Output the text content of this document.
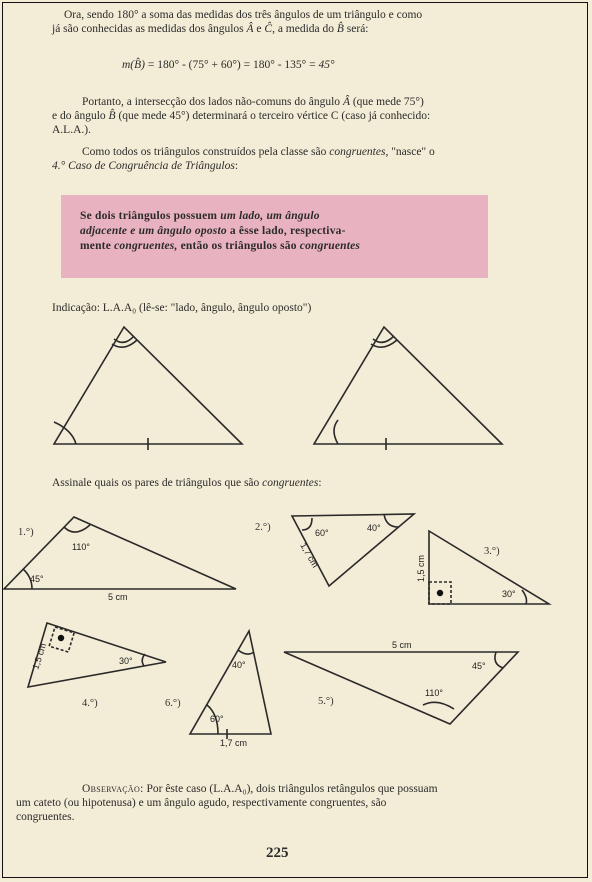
Ora, sendo 180° a soma das medidas dos três ângulos de um triângulo e como
já são conhecidas as medidas dos ângulos Â e Ĉ, a medida do B̂ será:
m(B̂) = 180° - (75° + 60°) = 180° - 135° = 45°
Portanto, a intersecção dos lados não-comuns do ângulo Â (que mede 75°)
e do ângulo B̂ (que mede 45°) determinará o terceiro vértice C (caso já conhecido:
A.L.A.).
Como todos os triângulos construídos pela classe são congruentes, "nasce" o
4.° Caso de Congruência de Triângulos:
Se dois triângulos possuem um lado, um ângulo
adjacente e um ângulo oposto a êsse lado, respectiva-
mente congruentes, então os triângulos são congruentes
Indicação: L.A.A₀ (lê-se: "lado, ângulo, ângulo oposto")
Assinale quais os pares de triângulos que são congruentes:
1.°)	2.°)
3.°)
4.°)	5.°)
6.°)
110°
45°
5 cm
60°	40°
1,7 cm	1,5 cm
30°
1,5 cm	30°
5 cm
45°
110°
40°
60°
1,7 cm
Observação: Por êste caso (L.A.A₀), dois triângulos retângulos que possuam
um cateto (ou hipotenusa) e um ângulo agudo, respectivamente congruentes, são
congruentes.
225
